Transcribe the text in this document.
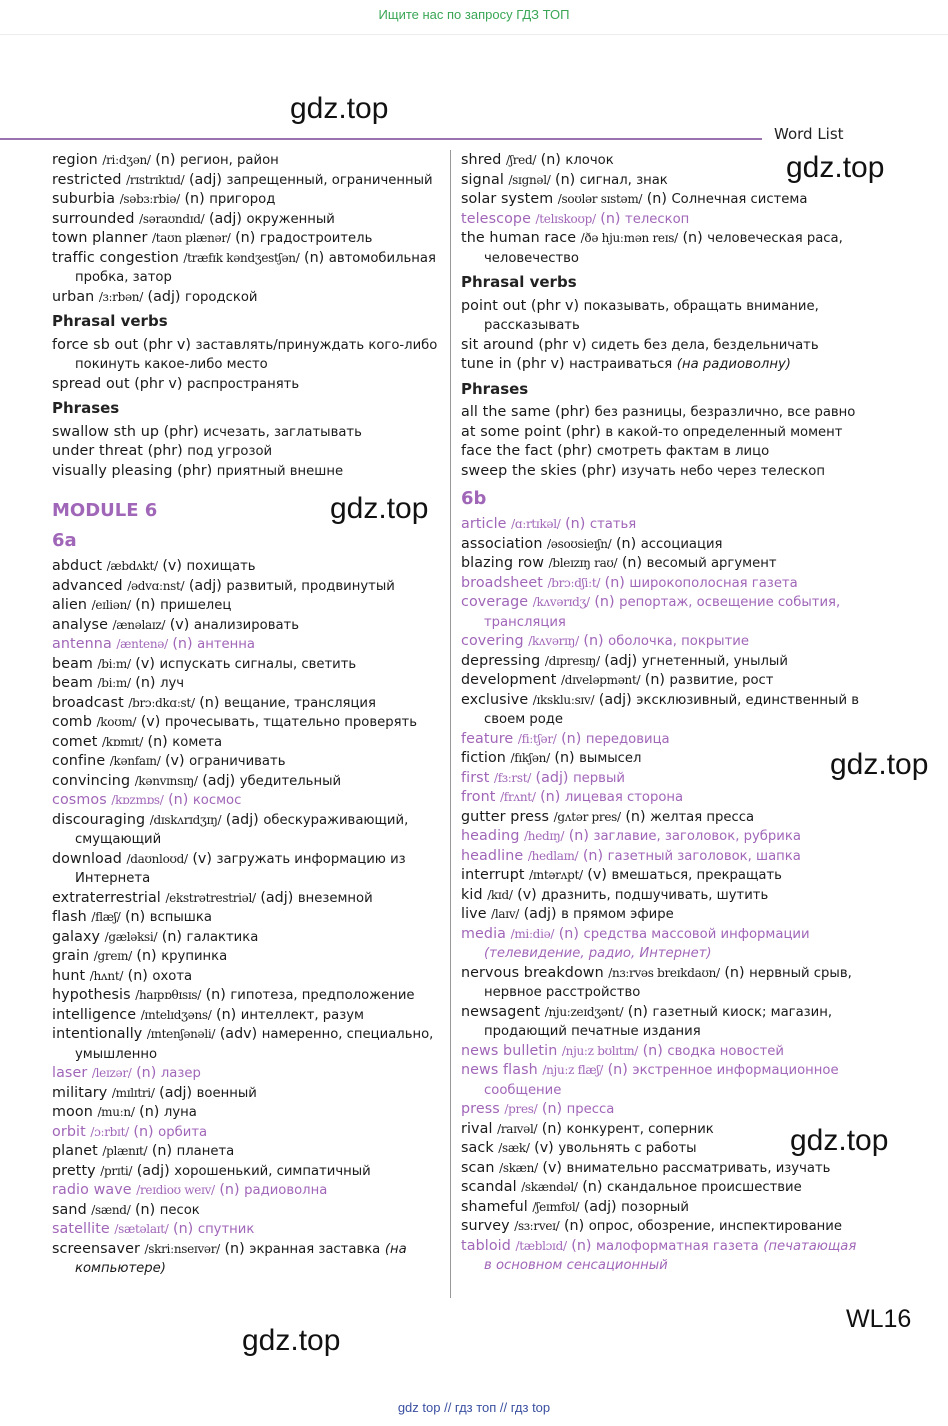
Ищите нас по запросу ГДЗ ТОП
gdz.top
gdz.top
gdz.top
gdz.top
gdz.top
gdz.top
Word List
region /riːdʒən/ (n) регион, район
restricted /rɪstrɪktɪd/ (adj) запрещенный, ограниченный
suburbia /səbɜːrbiə/ (n) пригород
surrounded /səraʊndɪd/ (adj) окруженный
town planner /taʊn plænər/ (n) градостроитель
traffic congestion /træfɪk kəndʒestʃən/ (n) автомобильная пробка, затор
urban /ɜːrbən/ (adj) городской
Phrasal verbs
force sb out (phr v) заставлять/принуждать кого-либо покинуть какое-либо место
spread out (phr v) распространять
Phrases
swallow sth up (phr) исчезать, заглатывать
under threat (phr) под угрозой
visually pleasing (phr) приятный внешне
MODULE 6
6a
abduct /æbdʌkt/ (v) похищать
advanced /ədvɑːnst/ (adj) развитый, продвинутый
alien /eɪliən/ (n) пришелец
analyse /ænəlaɪz/ (v) анализировать
antenna /æntenə/ (n) антенна
beam /biːm/ (v) испускать сигналы, светить
beam /biːm/ (n) луч
broadcast /brɔːdkɑːst/ (n) вещание, трансляция
comb /koʊm/ (v) прочесывать, тщательно проверять
comet /kɒmɪt/ (n) комета
confine /kənfaɪn/ (v) ограничивать
convincing /kənvɪnsɪŋ/ (adj) убедительный
cosmos /kɒzmɒs/ (n) космос
discouraging /dɪskʌrɪdʒɪŋ/ (adj) обескураживающий, смущающий
download /daʊnloʊd/ (v) загружать информацию из Интернета
extraterrestrial /ekstrətrestriəl/ (adj) внеземной
flash /flæʃ/ (n) вспышка
galaxy /gæləksi/ (n) галактика
grain /greɪn/ (n) крупинка
hunt /hʌnt/ (n) охота
hypothesis /haɪpɒθɪsɪs/ (n) гипотеза, предположение
intelligence /ɪntelɪdʒəns/ (n) интеллект, разум
intentionally /ɪntenʃənəli/ (adv) намеренно, специально, умышленно
laser /leɪzər/ (n) лазер
military /mɪlɪtri/ (adj) военный
moon /muːn/ (n) луна
orbit /ɔːrbɪt/ (n) орбита
planet /plænɪt/ (n) планета
pretty /prɪti/ (adj) хорошенький, симпатичный
radio wave /reɪdioʊ weɪv/ (n) радиоволна
sand /sænd/ (n) песок
satellite /sætəlaɪt/ (n) спутник
screensaver /skriːnseɪvər/ (n) экранная заставка (на компьютере)
shred /ʃred/ (n) клочок
signal /sɪgnəl/ (n) сигнал, знак
solar system /soʊlər sɪstəm/ (n) Солнечная система
telescope /telɪskoʊp/ (n) телескоп
the human race /ðə hjuːmən reɪs/ (n) человеческая раса, человечество
Phrasal verbs
point out (phr v) показывать, обращать внимание, рассказывать
sit around (phr v) сидеть без дела, бездельничать
tune in (phr v) настраиваться (на радиоволну)
Phrases
all the same (phr) без разницы, безразлично, все равно
at some point (phr) в какой-то определенный момент
face the fact (phr) смотреть фактам в лицо
sweep the skies (phr) изучать небо через телескоп
6b
article /ɑːrtɪkəl/ (n) статья
association /əsoʊsieɪʃn/ (n) ассоциация
blazing row /bleɪzɪŋ raʊ/ (n) весомый аргумент
broadsheet /brɔːdʃiːt/ (n) широкополосная газета
coverage /kʌvərɪdʒ/ (n) репортаж, освещение события, трансляция
covering /kʌvərɪŋ/ (n) оболочка, покрытие
depressing /dɪpresɪŋ/ (adj) угнетенный, унылый
development /dɪveləpmənt/ (n) развитие, рост
exclusive /ɪkskluːsɪv/ (adj) эксклюзивный, единственный в своем роде
feature /fiːtʃər/ (n) передовица
fiction /fɪkʃən/ (n) вымысел
first /fɜːrst/ (adj) первый
front /frʌnt/ (n) лицевая сторона
gutter press /gʌtər pres/ (n) желтая пресса
heading /hedɪŋ/ (n) заглавие, заголовок, рубрика
headline /hedlaɪn/ (n) газетный заголовок, шапка
interrupt /ɪntərʌpt/ (v) вмешаться, прекращать
kid /kɪd/ (v) дразнить, подшучивать, шутить
live /laɪv/ (adj) в прямом эфире
media /miːdiə/ (n) средства массовой информации (телевидение, радио, Интернет)
nervous breakdown /nɜːrvəs breɪkdaʊn/ (n) нервный срыв, нервное расстройство
newsagent /njuːzeɪdʒənt/ (n) газетный киоск; магазин, продающий печатные издания
news bulletin /njuːz bʊlɪtɪn/ (n) сводка новостей
news flash /njuːz flæʃ/ (n) экстренное информационное сообщение
press /pres/ (n) пресса
rival /raɪvəl/ (n) конкурент, соперник
sack /sæk/ (v) увольнять с работы
scan /skæn/ (v) внимательно рассматривать, изучать
scandal /skændəl/ (n) скандальное происшествие
shameful /ʃeɪmfʊl/ (adj) позорный
survey /sɜːrveɪ/ (n) опрос, обозрение, инспектирование
tabloid /tæblɔɪd/ (n) малоформатная газета (печатающая в основном сенсационный
WL16
gdz top // гдз топ // гдз top
